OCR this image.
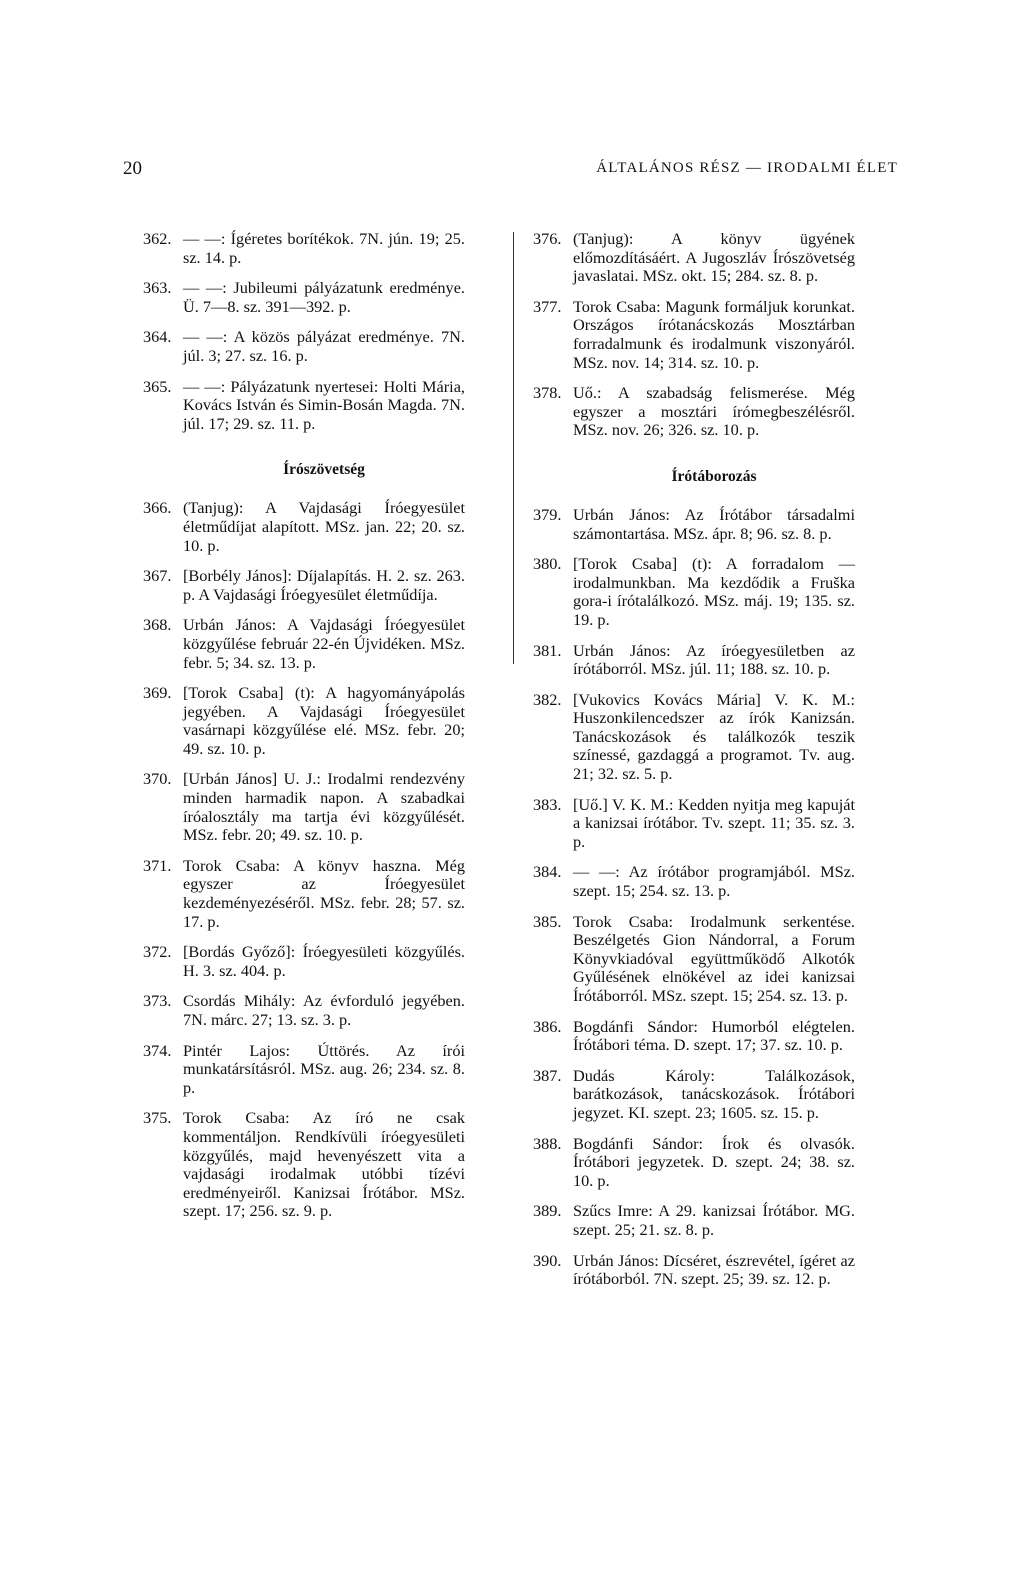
20	ÁLTALÁNOS RÉSZ — IRODALMI ÉLET
362. — —: Ígéretes borítékok. 7N. jún. 19; 25. sz. 14. p.
363. — —: Jubileumi pályázatunk eredménye. Ü. 7—8. sz. 391—392. p.
364. — —: A közös pályázat eredménye. 7N. júl. 3; 27. sz. 16. p.
365. — —: Pályázatunk nyertesei: Holti Mária, Kovács István és Simin-Bosán Magda. 7N. júl. 17; 29. sz. 11. p.
Írószövetség
366. (Tanjug): A Vajdasági Íróegyesület életműdíjat alapított. MSz. jan. 22; 20. sz. 10. p.
367. [Borbély János]: Díjalapítás. H. 2. sz. 263. p. A Vajdasági Íróegyesület életműdíja.
368. Urbán János: A Vajdasági Íróegyesület közgyűlése február 22-én Újvidéken. MSz. febr. 5; 34. sz. 13. p.
369. [Torok Csaba] (t): A hagyományápolás jegyében. A Vajdasági Íróegyesület vasárnapi közgyűlése elé. MSz. febr. 20; 49. sz. 10. p.
370. [Urbán János] U. J.: Irodalmi rendezvény minden harmadik napon. A szabadkai íróalosztály ma tartja évi közgyűlését. MSz. febr. 20; 49. sz. 10. p.
371. Torok Csaba: A könyv haszna. Még egyszer az Íróegyesület kezdeményezéséről. MSz. febr. 28; 57. sz. 17. p.
372. [Bordás Győző]: Íróegyesületi közgyűlés. H. 3. sz. 404. p.
373. Csordás Mihály: Az évforduló jegyében. 7N. márc. 27; 13. sz. 3. p.
374. Pintér Lajos: Úttörés. Az írói munkatársításról. MSz. aug. 26; 234. sz. 8. p.
375. Torok Csaba: Az író ne csak kommentáljon. Rendkívüli íróegyesületi közgyűlés, majd hevenyészett vita a vajdasági irodalmak utóbbi tízévi eredményeiről. Kanizsai Írótábor. MSz. szept. 17; 256. sz. 9. p.
376. (Tanjug): A könyv ügyének előmozdításáért. A Jugoszláv Írószövetség javaslatai. MSz. okt. 15; 284. sz. 8. p.
377. Torok Csaba: Magunk formáljuk korunkat. Országos írótanácskozás Mosztárban forradalmunk és irodalmunk viszonyáról. MSz. nov. 14; 314. sz. 10. p.
378. Uő.: A szabadság felismerése. Még egyszer a mosztári írómegbeszélésről. MSz. nov. 26; 326. sz. 10. p.
Írótáborozás
379. Urbán János: Az Írótábor társadalmi számontartása. MSz. ápr. 8; 96. sz. 8. p.
380. [Torok Csaba] (t): A forradalom — irodalmunkban. Ma kezdődik a Fruška gora-i írótalálkozó. MSz. máj. 19; 135. sz. 19. p.
381. Urbán János: Az íróegyesületben az írótáborról. MSz. júl. 11; 188. sz. 10. p.
382. [Vukovics Kovács Mária] V. K. M.: Huszonkilencedszer az írók Kanizsán. Tanácskozások és találkozók teszik színessé, gazdaggá a programot. Tv. aug. 21; 32. sz. 5. p.
383. [Uő.] V. K. M.: Kedden nyitja meg kapuját a kanizsai írótábor. Tv. szept. 11; 35. sz. 3. p.
384. — —: Az írótábor programjából. MSz. szept. 15; 254. sz. 13. p.
385. Torok Csaba: Irodalmunk serkentése. Beszélgetés Gion Nándorral, a Forum Könyvkiadóval együttműködő Alkotók Gyűlésének elnökével az idei kanizsai Írótáborról. MSz. szept. 15; 254. sz. 13. p.
386. Bogdánfi Sándor: Humorból elégtelen. Írótábori téma. D. szept. 17; 37. sz. 10. p.
387. Dudás Károly: Találkozások, barátkozások, tanácskozások. Írótábori jegyzet. KI. szept. 23; 1605. sz. 15. p.
388. Bogdánfi Sándor: Írok és olvasók. Írótábori jegyzetek. D. szept. 24; 38. sz. 10. p.
389. Szűcs Imre: A 29. kanizsai Írótábor. MG. szept. 25; 21. sz. 8. p.
390. Urbán János: Dícséret, észrevétel, ígéret az írótáborból. 7N. szept. 25; 39. sz. 12. p.
